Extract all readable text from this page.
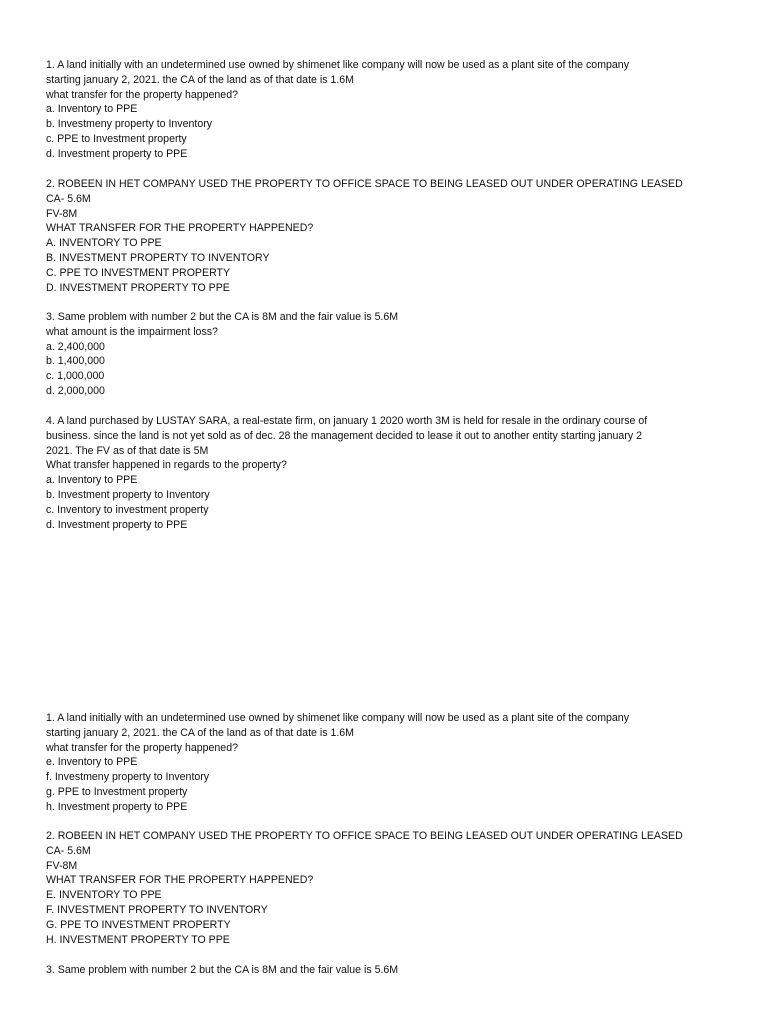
1. A land initially with an undetermined use owned by shimenet like company will now be used as a plant site of the company
starting january 2, 2021. the CA of the land as of that date is 1.6M
what transfer for the property happened?
a. Inventory to PPE
b. Investmeny property to Inventory
c. PPE to Investment property
d. Investment property to PPE
2. ROBEEN IN HET COMPANY USED THE PROPERTY TO OFFICE SPACE TO BEING LEASED OUT UNDER OPERATING LEASED
CA- 5.6M
FV-8M
WHAT TRANSFER FOR THE PROPERTY HAPPENED?
A. INVENTORY TO PPE
B. INVESTMENT PROPERTY TO INVENTORY
C. PPE TO INVESTMENT PROPERTY
D. INVESTMENT PROPERTY TO PPE
3. Same problem with number 2 but the CA is 8M and the fair value is 5.6M
what amount is the impairment loss?
a. 2,400,000
b. 1,400,000
c. 1,000,000
d. 2,000,000
4. A land purchased by LUSTAY SARA, a real-estate firm, on january 1 2020 worth 3M is held for resale in the ordinary course of
business. since the land is not yet sold as of dec. 28 the management decided to lease it out to another entity starting january 2
2021. The FV as of that date is 5M
What transfer happened in regards to the property?
a. Inventory to PPE
b. Investment property to Inventory
c. Inventory to investment property
d. Investment property to PPE
1. A land initially with an undetermined use owned by shimenet like company will now be used as a plant site of the company
starting january 2, 2021. the CA of the land as of that date is 1.6M
what transfer for the property happened?
e. Inventory to PPE
f. Investmeny property to Inventory
g. PPE to Investment property
h. Investment property to PPE
2. ROBEEN IN HET COMPANY USED THE PROPERTY TO OFFICE SPACE TO BEING LEASED OUT UNDER OPERATING LEASED
CA- 5.6M
FV-8M
WHAT TRANSFER FOR THE PROPERTY HAPPENED?
E. INVENTORY TO PPE
F. INVESTMENT PROPERTY TO INVENTORY
G. PPE TO INVESTMENT PROPERTY
H. INVESTMENT PROPERTY TO PPE
3. Same problem with number 2 but the CA is 8M and the fair value is 5.6M
